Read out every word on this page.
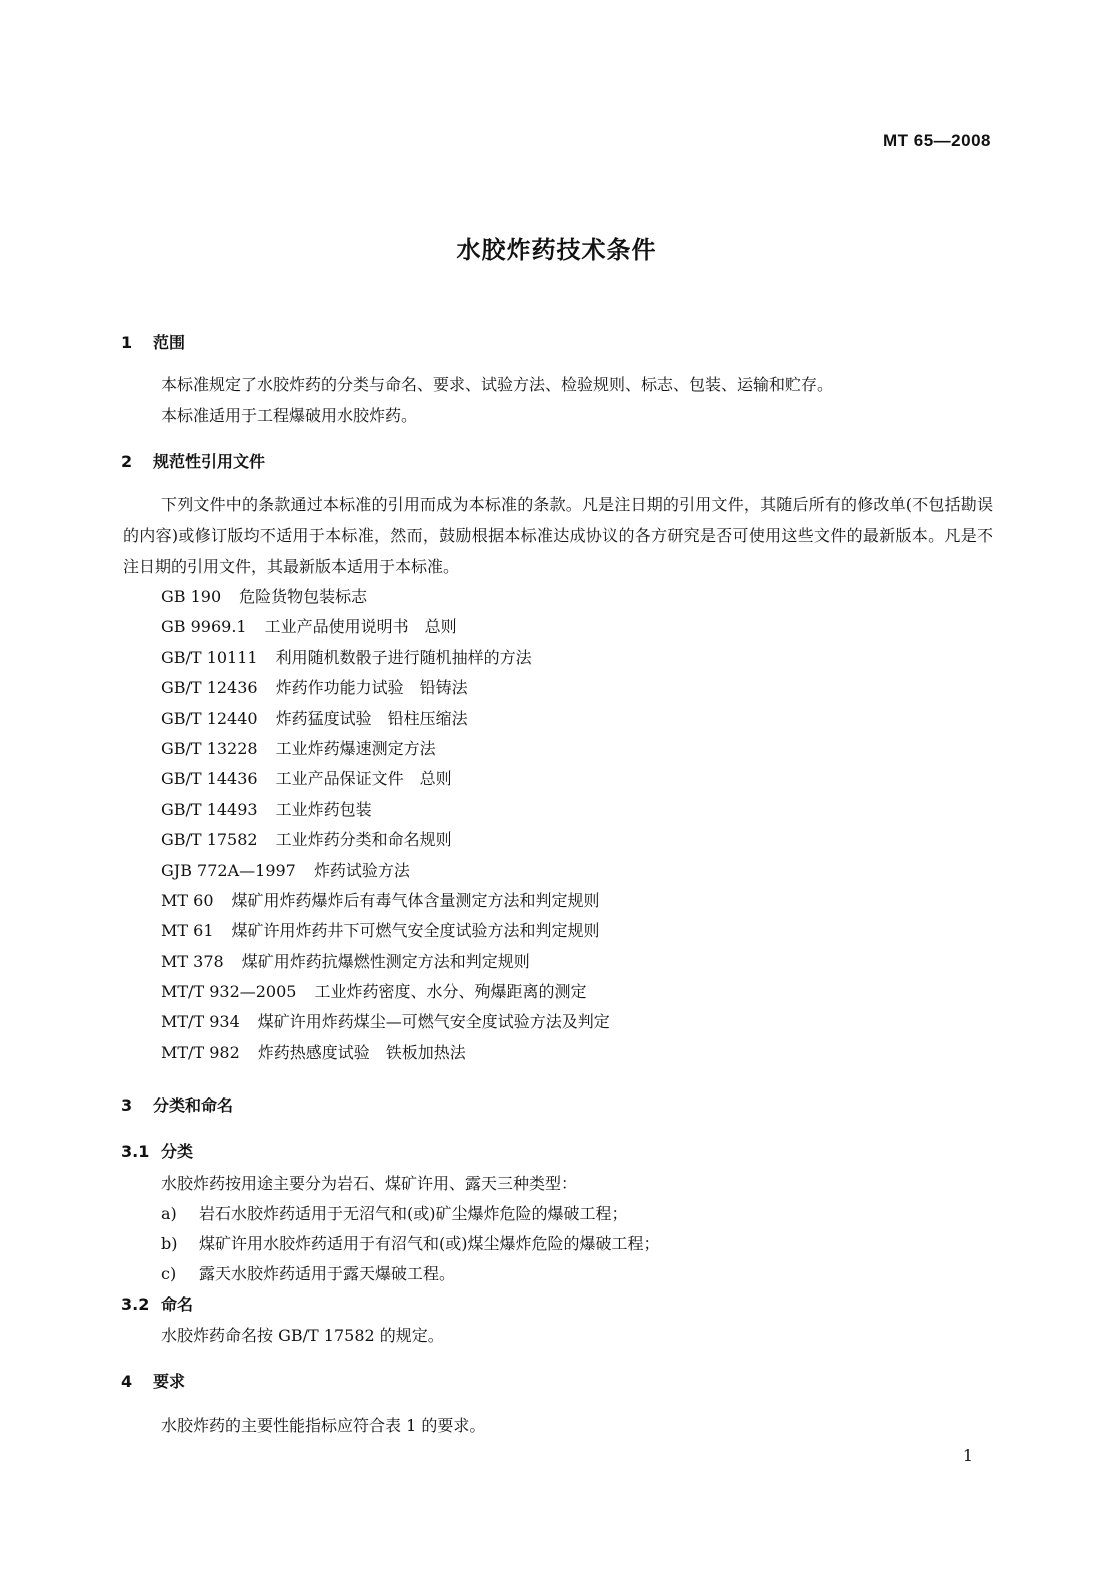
MT 65—2008
水胶炸药技术条件
1 范围
本标准规定了水胶炸药的分类与命名、要求、试验方法、检验规则、标志、包装、运输和贮存。
本标准适用于工程爆破用水胶炸药。
2 规范性引用文件
下列文件中的条款通过本标准的引用而成为本标准的条款。凡是注日期的引用文件，其随后所有的修改单(不包括勘误的内容)或修订版均不适用于本标准，然而，鼓励根据本标准达成协议的各方研究是否可使用这些文件的最新版本。凡是不注日期的引用文件，其最新版本适用于本标准。
GB 190 危险货物包装标志
GB 9969.1 工业产品使用说明书　总则
GB/T 10111 利用随机数骰子进行随机抽样的方法
GB/T 12436 炸药作功能力试验　铅铸法
GB/T 12440 炸药猛度试验　铅柱压缩法
GB/T 13228 工业炸药爆速测定方法
GB/T 14436 工业产品保证文件　总则
GB/T 14493 工业炸药包装
GB/T 17582 工业炸药分类和命名规则
GJB 772A—1997 炸药试验方法
MT 60 煤矿用炸药爆炸后有毒气体含量测定方法和判定规则
MT 61 煤矿许用炸药井下可燃气安全度试验方法和判定规则
MT 378 煤矿用炸药抗爆燃性测定方法和判定规则
MT/T 932—2005 工业炸药密度、水分、殉爆距离的测定
MT/T 934 煤矿许用炸药煤尘—可燃气安全度试验方法及判定
MT/T 982 炸药热感度试验　铁板加热法
3 分类和命名
3.1 分类
水胶炸药按用途主要分为岩石、煤矿许用、露天三种类型：
a) 岩石水胶炸药适用于无沼气和(或)矿尘爆炸危险的爆破工程；
b) 煤矿许用水胶炸药适用于有沼气和(或)煤尘爆炸危险的爆破工程；
c) 露天水胶炸药适用于露天爆破工程。
3.2 命名
水胶炸药命名按 GB/T 17582 的规定。
4 要求
水胶炸药的主要性能指标应符合表 1 的要求。
1
